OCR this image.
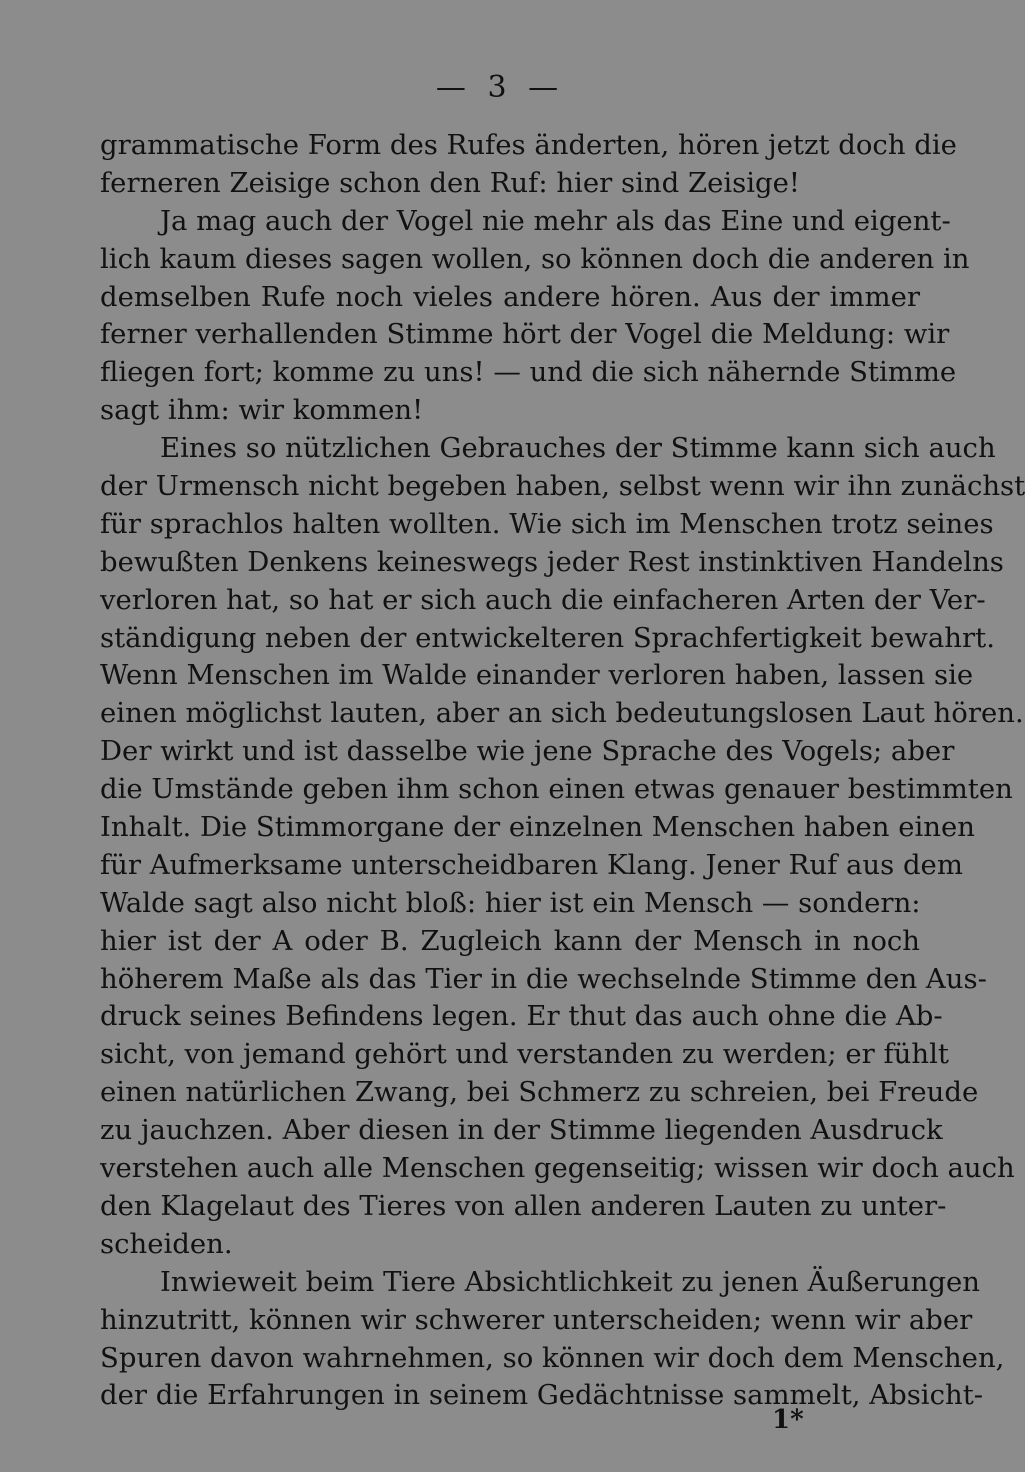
— 3 —
grammatische Form des Rufes änderten, hören jetzt doch die
ferneren Zeisige schon den Ruf: hier sind Zeisige!
Ja mag auch der Vogel nie mehr als das Eine und eigent-
lich kaum dieses sagen wollen, so können doch die anderen in
demselben Rufe noch vieles andere hören. Aus der immer
ferner verhallenden Stimme hört der Vogel die Meldung: wir
fliegen fort; komme zu uns! — und die sich nähernde Stimme
sagt ihm: wir kommen!
Eines so nützlichen Gebrauches der Stimme kann sich auch
der Urmensch nicht begeben haben, selbst wenn wir ihn zunächst
für sprachlos halten wollten. Wie sich im Menschen trotz seines
bewußten Denkens keineswegs jeder Rest instinktiven Handelns
verloren hat, so hat er sich auch die einfacheren Arten der Ver-
ständigung neben der entwickelteren Sprachfertigkeit bewahrt.
Wenn Menschen im Walde einander verloren haben, lassen sie
einen möglichst lauten, aber an sich bedeutungslosen Laut hören.
Der wirkt und ist dasselbe wie jene Sprache des Vogels; aber
die Umstände geben ihm schon einen etwas genauer bestimmten
Inhalt. Die Stimmorgane der einzelnen Menschen haben einen
für Aufmerksame unterscheidbaren Klang. Jener Ruf aus dem
Walde sagt also nicht bloß: hier ist ein Mensch — sondern:
hier ist der A oder B. Zugleich kann der Mensch in noch
höherem Maße als das Tier in die wechselnde Stimme den Aus-
druck seines Befindens legen. Er thut das auch ohne die Ab-
sicht, von jemand gehört und verstanden zu werden; er fühlt
einen natürlichen Zwang, bei Schmerz zu schreien, bei Freude
zu jauchzen. Aber diesen in der Stimme liegenden Ausdruck
verstehen auch alle Menschen gegenseitig; wissen wir doch auch
den Klagelaut des Tieres von allen anderen Lauten zu unter-
scheiden.
Inwieweit beim Tiere Absichtlichkeit zu jenen Äußerungen
hinzutritt, können wir schwerer unterscheiden; wenn wir aber
Spuren davon wahrnehmen, so können wir doch dem Menschen,
der die Erfahrungen in seinem Gedächtnisse sammelt, Absicht-
1*
